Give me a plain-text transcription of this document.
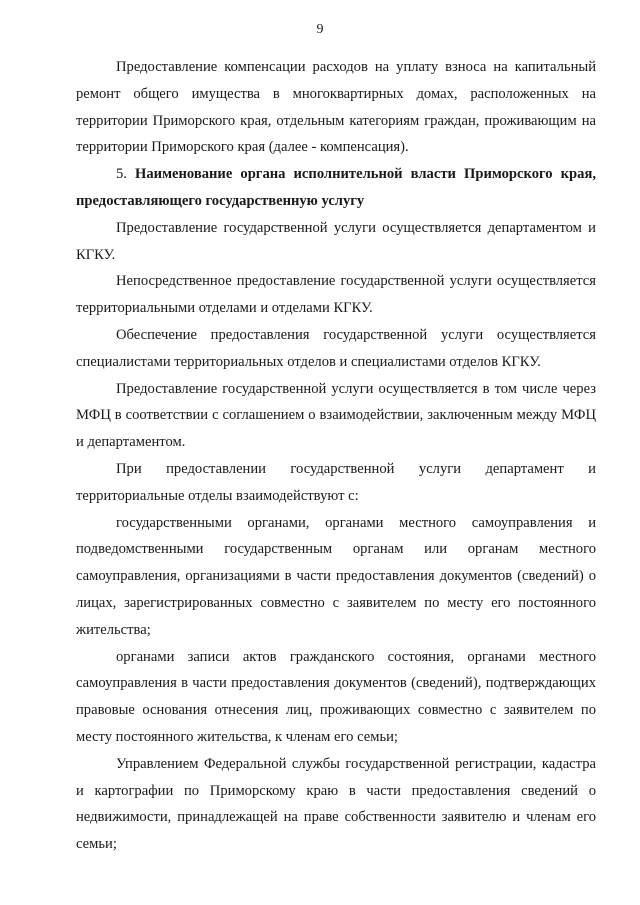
9

Предоставление компенсации расходов на уплату взноса на капитальный ремонт общего имущества в многоквартирных домах, расположенных на территории Приморского края, отдельным категориям граждан, проживающим на территории Приморского края (далее - компенсация).

5. Наименование органа исполнительной власти Приморского края, предоставляющего государственную услугу

Предоставление государственной услуги осуществляется департаментом и КГКУ.

Непосредственное предоставление государственной услуги осуществляется территориальными отделами и отделами КГКУ.

Обеспечение предоставления государственной услуги осуществляется специалистами территориальных отделов и специалистами отделов КГКУ.

Предоставление государственной услуги осуществляется в том числе через МФЦ в соответствии с соглашением о взаимодействии, заключенным между МФЦ и департаментом.

При предоставлении государственной услуги департамент и территориальные отделы взаимодействуют с:

государственными органами, органами местного самоуправления и подведомственными государственным органам или органам местного самоуправления, организациями в части предоставления документов (сведений) о лицах, зарегистрированных совместно с заявителем по месту его постоянного жительства;

органами записи актов гражданского состояния, органами местного самоуправления в части предоставления документов (сведений), подтверждающих правовые основания отнесения лиц, проживающих совместно с заявителем по месту постоянного жительства, к членам его семьи;

Управлением Федеральной службы государственной регистрации, кадастра и картографии по Приморскому краю в части предоставления сведений о недвижимости, принадлежащей на праве собственности заявителю и членам его семьи;
